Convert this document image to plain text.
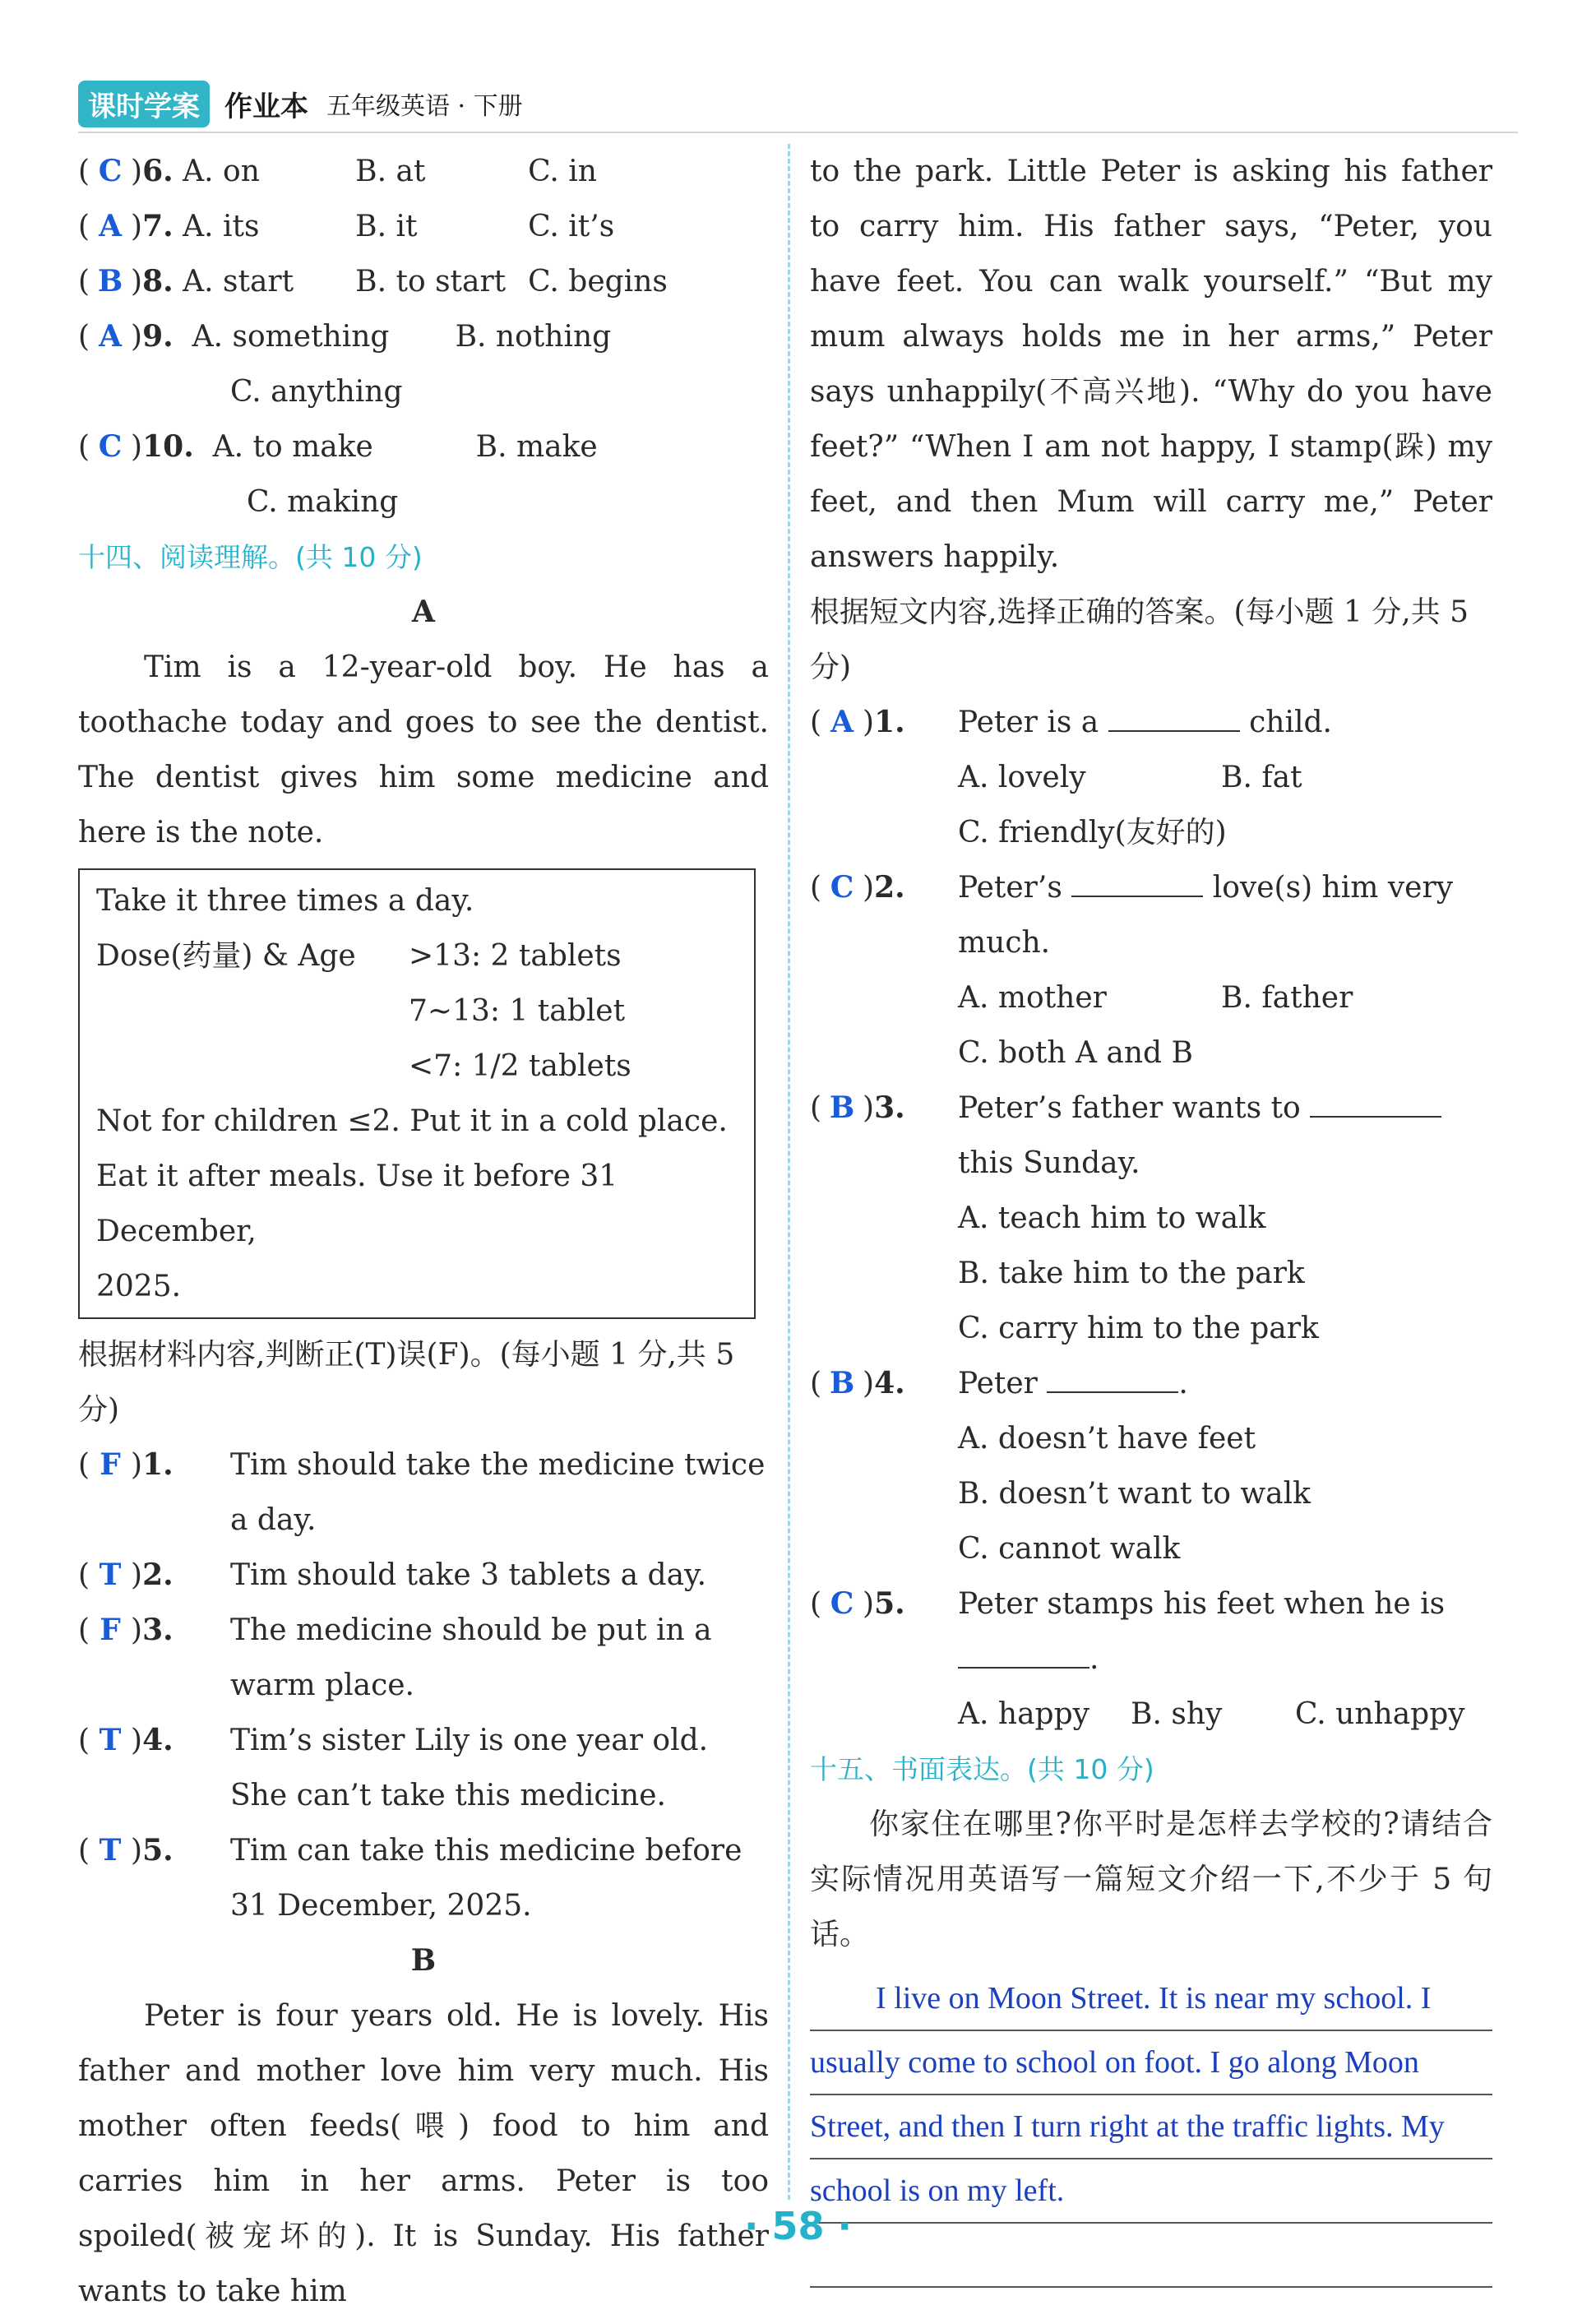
课时学案 作业本 五年级英语 · 下册
( C )6. A. on	B. at	C. in
( A )7. A. its	B. it	C. it’s
( B )8. A. start	B. to start C. begins
( A )9. A. something B. nothing
C. anything
( C )10. A. to make	B. make
C. making
十四、阅读理解。(共 10 分)
A
Tim is a 12-year-old boy. He has a toothache today and goes to see the dentist. The dentist gives him some medicine and here is the note.
Take it three times a day.
Dose(药量) & Age	>13: 2 tablets
7~13: 1 tablet
<7: 1/2 tablets
Not for children ≤2. Put it in a cold place.
Eat it after meals. Use it before 31 December,
2025.
根据材料内容,判断正(T)误(F)。(每小题 1 分,共 5 分)
( F )1.	Tim should take the medicine twice a day.
( T )2.	Tim should take 3 tablets a day.
( F )3.	The medicine should be put in a warm place.
( T )4.	Tim’s sister Lily is one year old. She can’t take this medicine.
( T )5.	Tim can take this medicine before 31 December, 2025.
B
Peter is four years old. He is lovely. His father and mother love him very much. His mother often feeds(喂) food to him and carries him in her arms. Peter is too spoiled(被宠坏的). It is Sunday. His father wants to take him
to the park. Little Peter is asking his father to carry him. His father says, “Peter, you have feet. You can walk yourself.” “But my mum always holds me in her arms,” Peter says unhappily(不高兴地). “Why do you have feet?” “When I am not happy, I stamp(跺) my feet, and then Mum will carry me,” Peter answers happily.
根据短文内容,选择正确的答案。(每小题 1 分,共 5 分)
( A )1.	Peter is a	child.
A. lovely	B. fat
C. friendly(友好的)
( C )2.	Peter’s	love(s) him very much.
A. mother	B. father
C. both A and B
( B )3.	Peter’s father wants to  this Sunday.
A. teach him to walk
B. take him to the park
C. carry him to the park
( B )4.	Peter	.
A. doesn’t have feet
B. doesn’t want to walk
C. cannot walk
( C )5.	Peter stamps his feet when he is .
A. happy B. shy C. unhappy
十五、书面表达。(共 10 分)
你家住在哪里?你平时是怎样去学校的?请结合实际情况用英语写一篇短文介绍一下,不少于 5 句话。
I live on Moon Street. It is near my school. I
usually come to school on foot. I go along Moon
Street, and then I turn right at the traffic lights. My
school is on my left.
· 58 ·
